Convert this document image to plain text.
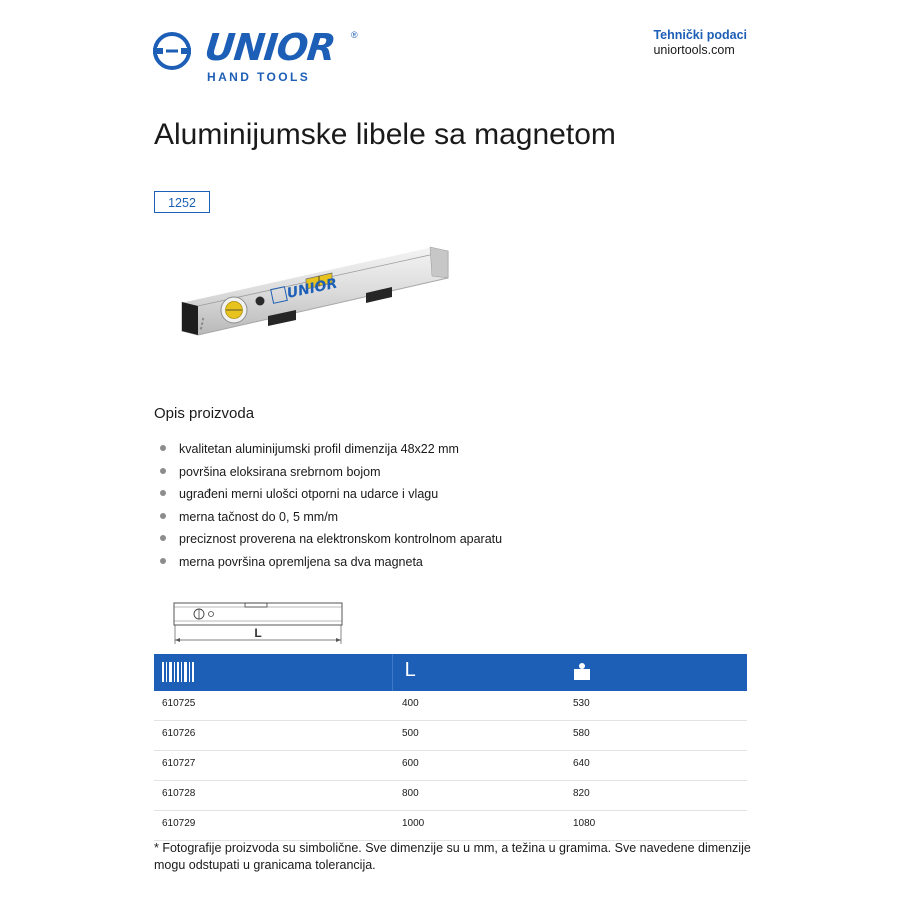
UNIOR ®
HAND TOOLS
Tehnički podaci
uniortools.com
Aluminijumske libele sa magnetom
1252
UNIOR
≡ ≡ ≡
Opis proizvoda
kvalitetan aluminijumski profil dimenzija 48x22 mm
površina eloksirana srebrnom bojom
ugrađeni merni ulošci otporni na udarce i vlagu
merna tačnost do 0, 5 mm/m
preciznost proverena na elektronskom kontrolnom aparatu
merna površina opremljena sa dva magneta
L
L
610725	400	530
610726	500	580
610727	600	640
610728	800	820
610729	1000	1080
* Fotografije proizvoda su simbolične. Sve dimenzije su u mm, a težina u gramima. Sve navedene dimenzije mogu odstupati u granicama tolerancija.
